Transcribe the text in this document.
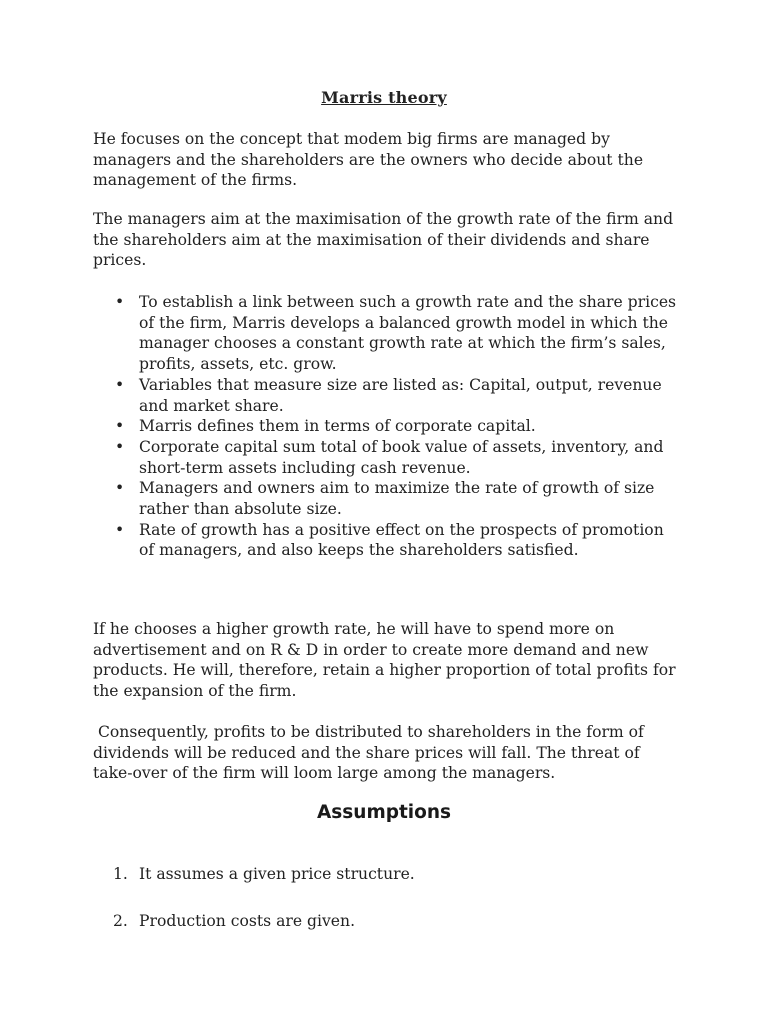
Marris theory

He focuses on the concept that modem big firms are managed by managers and the shareholders are the owners who decide about the management of the firms.

The managers aim at the maximisation of the growth rate of the firm and the shareholders aim at the maximisation of their dividends and share prices.

• To establish a link between such a growth rate and the share prices of the firm, Marris develops a balanced growth model in which the manager chooses a constant growth rate at which the firm’s sales, profits, assets, etc. grow.
• Variables that measure size are listed as: Capital, output, revenue and market share.
• Marris defines them in terms of corporate capital.
• Corporate capital sum total of book value of assets, inventory, and short-term assets including cash revenue.
• Managers and owners aim to maximize the rate of growth of size rather than absolute size.
• Rate of growth has a positive effect on the prospects of promotion of managers, and also keeps the shareholders satisfied.

If he chooses a higher growth rate, he will have to spend more on advertisement and on R & D in order to create more demand and new products. He will, therefore, retain a higher proportion of total profits for the expansion of the firm.

Consequently, profits to be distributed to shareholders in the form of dividends will be reduced and the share prices will fall. The threat of take-over of the firm will loom large among the managers.

Assumptions
1. It assumes a given price structure.
2. Production costs are given.
